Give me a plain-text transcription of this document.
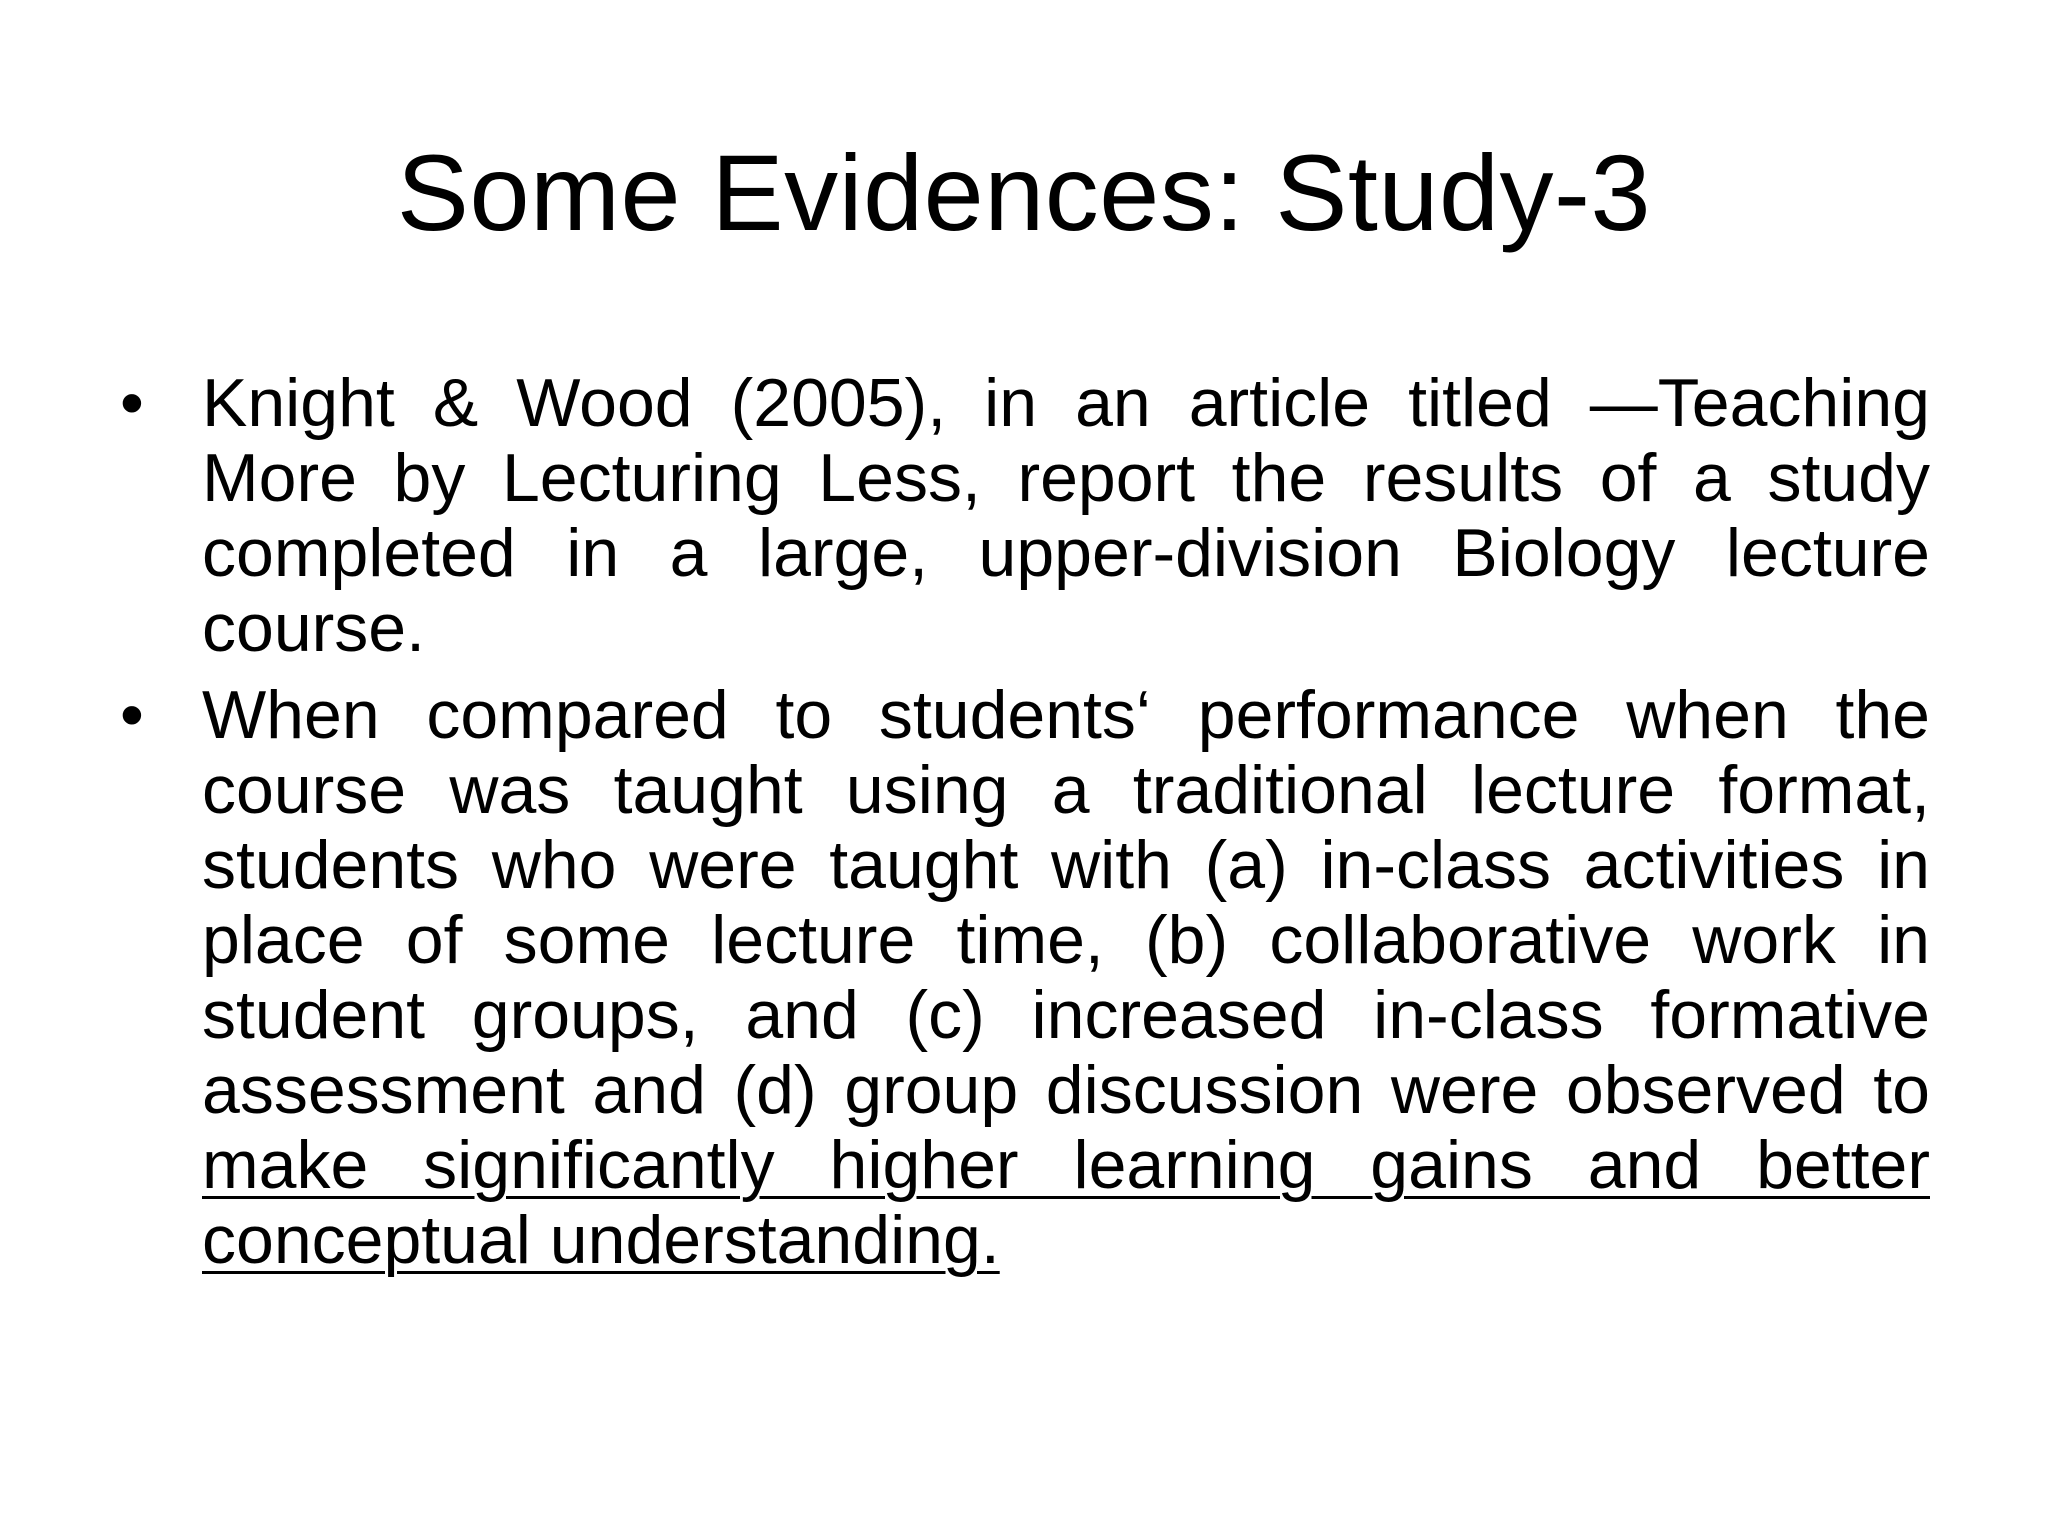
Some Evidences: Study-3
• Knight & Wood (2005), in an article titled —Teaching More by Lecturing Less, report the results of a study completed in a large, upper-division Biology lecture course.
• When compared to students‘ performance when the course was taught using a traditional lecture format, students who were taught with (a) in-class activities in place of some lecture time, (b) collaborative work in student groups, and (c) increased in-class formative assessment and (d) group discussion were observed to make significantly higher learning gains and better conceptual understanding.
